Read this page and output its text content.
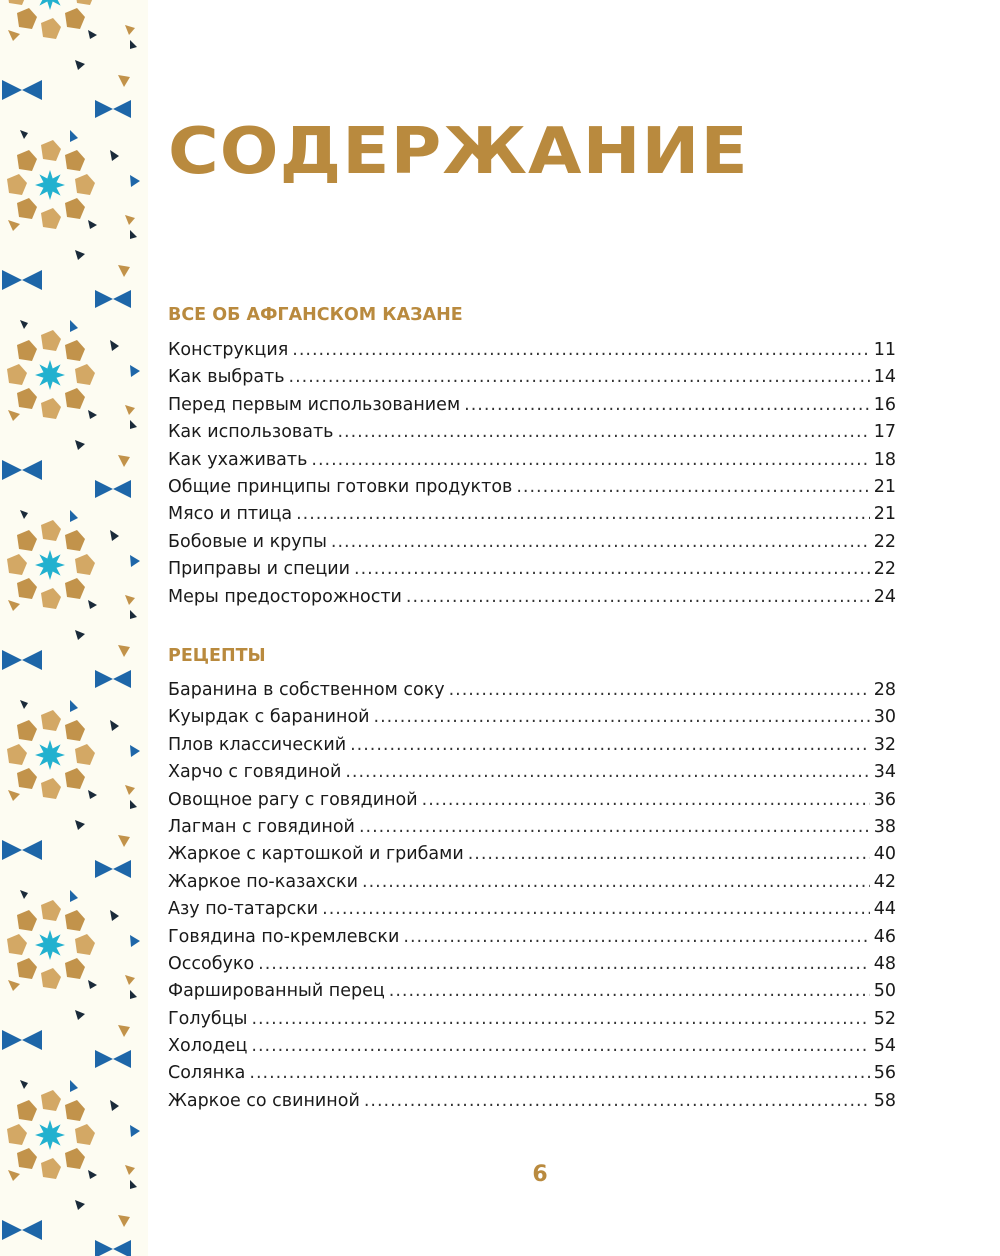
СОДЕРЖАНИЕ
ВСЕ ОБ АФГАНСКОМ КАЗАНЕ
Конструкция .....	11
Как выбрать .....	14
Перед первым использованием .....	16
Как использовать .....	17
Как ухаживать .....	18
Общие принципы готовки продуктов .....	21
Мясо и птица .....	21
Бобовые и крупы .....	22
Приправы и специи .....	22
Меры предосторожности .....	24
РЕЦЕПТЫ
Баранина в собственном соку .....	28
Куырдак с бараниной .....	30
Плов классический .....	32
Харчо с говядиной .....	34
Овощное рагу с говядиной .....	36
Лагман с говядиной .....	38
Жаркое с картошкой и грибами .....	40
Жаркое по-казахски .....	42
Азу по-татарски .....	44
Говядина по-кремлевски .....	46
Оссобуко .....	48
Фаршированный перец .....	50
Голубцы .....	52
Холодец .....	54
Солянка .....	56
Жаркое со свининой .....	58
6
